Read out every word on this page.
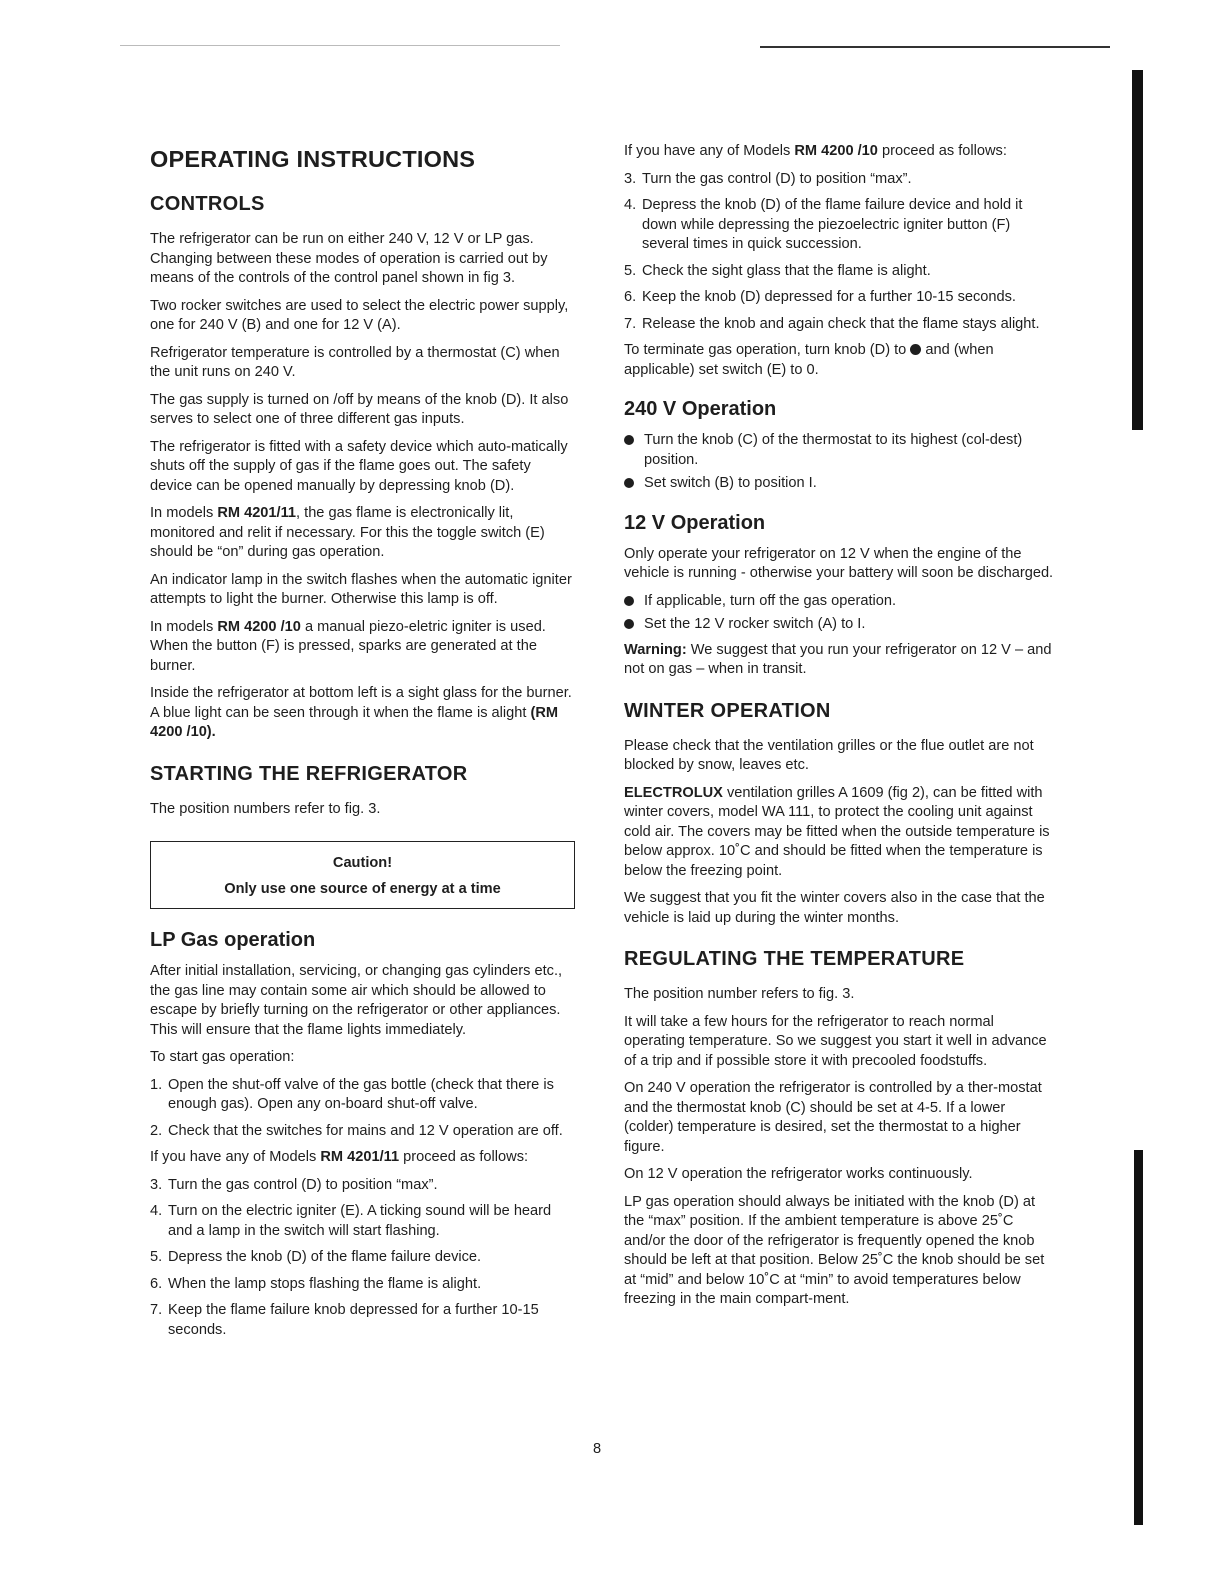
OPERATING INSTRUCTIONS
CONTROLS

The refrigerator can be run on either 240 V, 12 V or LP gas. Changing between these modes of operation is carried out by means of the controls of the control panel shown in fig 3.

Two rocker switches are used to select the electric power supply, one for 240 V (B) and one for 12 V (A).

Refrigerator temperature is controlled by a thermostat (C) when the unit runs on 240 V.

The gas supply is turned on /off by means of the knob (D). It also serves to select one of three different gas inputs.

The refrigerator is fitted with a safety device which auto-matically shuts off the supply of gas if the flame goes out. The safety device can be opened manually by depressing knob (D).

In models RM 4201/11, the gas flame is electronically lit, monitored and relit if necessary. For this the toggle switch (E) should be “on” during gas operation.

An indicator lamp in the switch flashes when the automatic igniter attempts to light the burner. Otherwise this lamp is off.

In models RM 4200 /10 a manual piezo-eletric igniter is used. When the button (F) is pressed, sparks are generated at the burner.

Inside the refrigerator at bottom left is a sight glass for the burner. A blue light can be seen through it when the flame is alight (RM 4200 /10).

STARTING THE REFRIGERATOR

The position numbers refer to fig. 3.

Caution!
Only use one source of energy at a time
LP Gas operation

After initial installation, servicing, or changing gas cylinders etc., the gas line may contain some air which should be allowed to escape by briefly turning on the refrigerator or other appliances. This will ensure that the flame lights immediately.

To start gas operation:

1. Open the shut-off valve of the gas bottle (check that there is enough gas). Open any on-board shut-off valve.
2. Check that the switches for mains and 12 V operation are off.

If you have any of Models RM 4201/11 proceed as follows:

3. Turn the gas control (D) to position “max”.
4. Turn on the electric igniter (E). A ticking sound will be heard and a lamp in the switch will start flashing.
5. Depress the knob (D) of the flame failure device.
6. When the lamp stops flashing the flame is alight.
7. Keep the flame failure knob depressed for a further 10-15 seconds.

If you have any of Models RM 4200 /10 proceed as follows:

3. Turn the gas control (D) to position “max”.
4. Depress the knob (D) of the flame failure device and hold it down while depressing the piezoelectric igniter button (F) several times in quick succession.
5. Check the sight glass that the flame is alight.
6. Keep the knob (D) depressed for a further 10-15 seconds.
7. Release the knob and again check that the flame stays alight.

To terminate gas operation, turn knob (D) to  and (when applicable) set switch (E) to 0.

240 V Operation
Turn the knob (C) of the thermostat to its highest (col-dest) position.
Set switch (B) to position I.
12 V Operation

Only operate your refrigerator on 12 V when the engine of the vehicle is running - otherwise your battery will soon be discharged.

If applicable, turn off the gas operation.
Set the 12 V rocker switch (A) to I.

Warning: We suggest that you run your refrigerator on 12 V – and not on gas – when in transit.

WINTER OPERATION

Please check that the ventilation grilles or the flue outlet are not blocked by snow, leaves etc.

ELECTROLUX ventilation grilles A 1609 (fig 2), can be fitted with winter covers, model WA 111, to protect the cooling unit against cold air. The covers may be fitted when the outside temperature is below approx. 10˚C and should be fitted when the temperature is below the freezing point.

We suggest that you fit the winter covers also in the case that the vehicle is laid up during the winter months.

REGULATING THE TEMPERATURE

The position number refers to fig. 3.

It will take a few hours for the refrigerator to reach normal operating temperature. So we suggest you start it well in advance of a trip and if possible store it with precooled foodstuffs.

On 240 V operation the refrigerator is controlled by a ther-mostat and the thermostat knob (C) should be set at 4-5. If a lower (colder) temperature is desired, set the thermostat to a higher figure.

On 12 V operation the refrigerator works continuously.

LP gas operation should always be initiated with the knob (D) at the “max” position. If the ambient temperature is above 25˚C and/or the door of the refrigerator is frequently opened the knob should be left at that position. Below 25˚C the knob should be set at “mid” and below 10˚C at “min” to avoid temperatures below freezing in the main compart-ment.

8
